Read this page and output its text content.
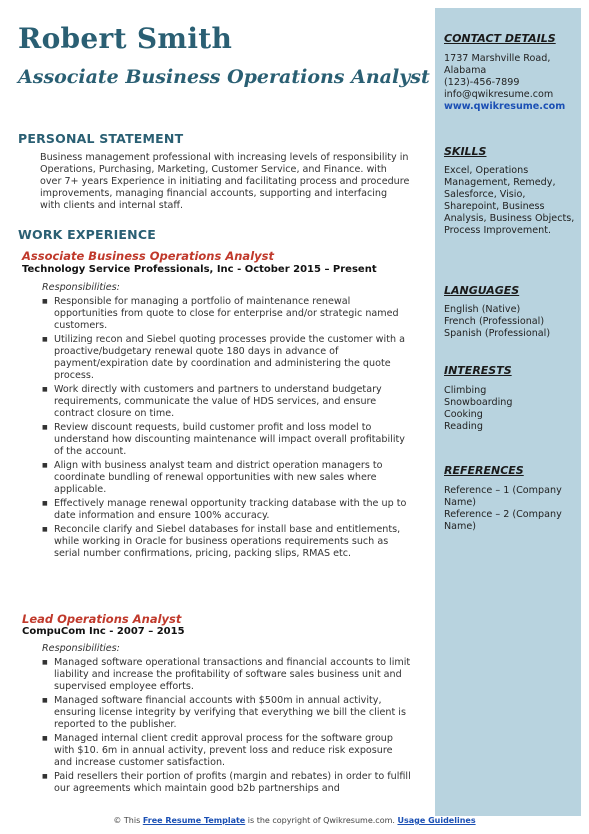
Robert Smith
Associate Business Operations Analyst
PERSONAL STATEMENT
Business management professional with increasing levels of responsibility in Operations, Purchasing, Marketing, Customer Service, and Finance. with over 7+ years Experience in initiating and facilitating process and procedure improvements, managing financial accounts, supporting and interfacing with clients and internal staff.
WORK EXPERIENCE
Associate Business Operations Analyst
Technology Service Professionals, Inc - October 2015 – Present
Responsibilities:
■ Responsible for managing a portfolio of maintenance renewal opportunities from quote to close for enterprise and/or strategic named customers.
■ Utilizing recon and Siebel quoting processes provide the customer with a proactive/budgetary renewal quote 180 days in advance of payment/expiration date by coordination and administering the quote process.
■ Work directly with customers and partners to understand budgetary requirements, communicate the value of HDS services, and ensure contract closure on time.
■ Review discount requests, build customer profit and loss model to understand how discounting maintenance will impact overall profitability of the account.
■ Align with business analyst team and district operation managers to coordinate bundling of renewal opportunities with new sales where applicable.
■ Effectively manage renewal opportunity tracking database with the up to date information and ensure 100% accuracy.
■ Reconcile clarify and Siebel databases for install base and entitlements, while working in Oracle for business operations requirements such as serial number confirmations, pricing, packing slips, RMAS etc.
Lead Operations Analyst
CompuCom Inc - 2007 – 2015
Responsibilities:
■ Managed software operational transactions and financial accounts to limit liability and increase the profitability of software sales business unit and supervised employee efforts.
■ Managed software financial accounts with $500m in annual activity, ensuring license integrity by verifying that everything we bill the client is reported to the publisher.
■ Managed internal client credit approval process for the software group with $10. 6m in annual activity, prevent loss and reduce risk exposure and increase customer satisfaction.
■ Paid resellers their portion of profits (margin and rebates) in order to fulfill our agreements which maintain good b2b partnerships and
CONTACT DETAILS
1737 Marshville Road,
Alabama
(123)-456-7899
info@qwikresume.com
www.qwikresume.com
SKILLS
Excel, Operations Management, Remedy, Salesforce, Visio, Sharepoint, Business Analysis, Business Objects, Process Improvement.
LANGUAGES
English (Native)
French (Professional)
Spanish (Professional)
INTERESTS
Climbing
Snowboarding
Cooking
Reading
REFERENCES
Reference – 1 (Company Name)
Reference – 2 (Company Name)
© This Free Resume Template is the copyright of Qwikresume.com. Usage Guidelines
